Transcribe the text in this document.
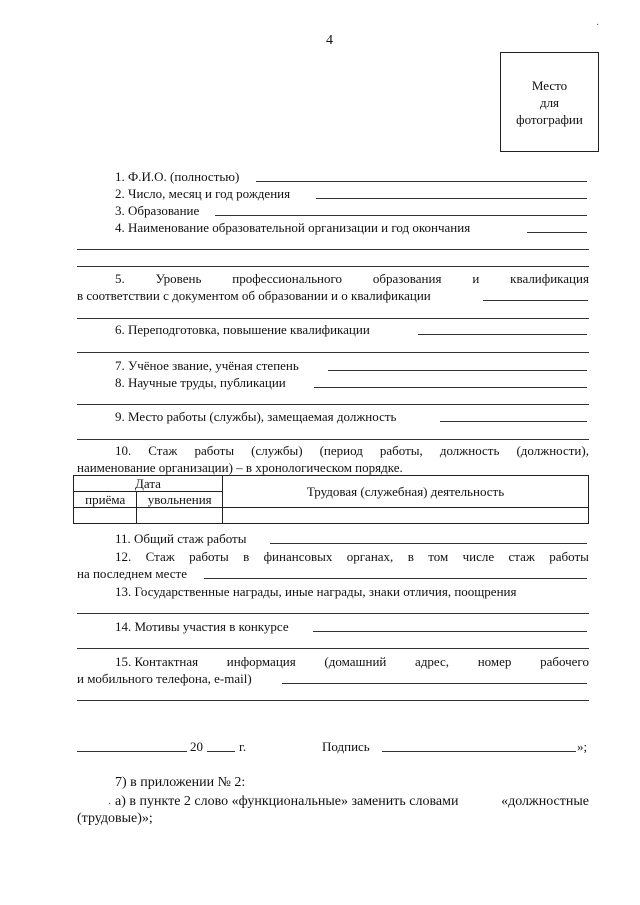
4
Место
для
фотографии
1. Ф.И.О. (полностью)
2. Число, месяц и год рождения
3. Образование
4. Наименование образовательной организации и год окончания
5. Уровень профессионального образования и квалификация
в соответствии с документом об образовании и о квалификации
6. Переподготовка, повышение квалификации
7. Учёное звание, учёная степень
8. Научные труды, публикации
9. Место работы (службы), замещаемая должность
10. Стаж работы (службы) (период работы, должность (должности),
наименование организации) – в хронологическом порядке.
Дата		Трудовая (служебная) деятельность
приёма	увольнения	

11. Общий стаж работы
12. Стаж работы в финансовых органах, в том числе стаж работы
на последнем месте
13. Государственные награды, иные награды, знаки отличия, поощрения
14. Мотивы участия в конкурсе
15. Контактная информация (домашний адрес, номер рабочего
и мобильного телефона, e-mail)
20	г.	Подпись	»;
7) в приложении № 2:
а) в пункте 2 слово «функциональные» заменить словами	«должностные
(трудовые)»;
·
·
